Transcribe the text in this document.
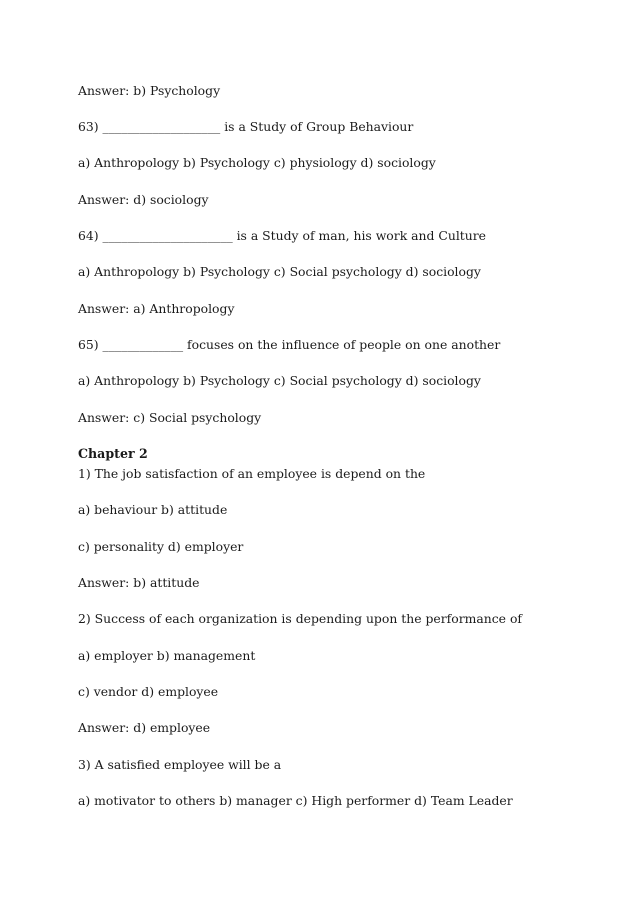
Answer: b) Psychology
63) ___________________ is a Study of Group Behaviour
a) Anthropology b) Psychology c) physiology d) sociology
Answer: d) sociology
64) _____________________ is a Study of man, his work and Culture
a) Anthropology b) Psychology c) Social psychology d) sociology
Answer: a) Anthropology
65) _____________ focuses on the influence of people on one another
a) Anthropology b) Psychology c) Social psychology d) sociology
Answer: c) Social psychology
Chapter 2
1) The job satisfaction of an employee is depend on the
a) behaviour b) attitude
c) personality d) employer
Answer: b) attitude
2) Success of each organization is depending upon the performance of
a) employer b) management
c) vendor d) employee
Answer: d) employee
3) A satisfied employee will be a
a) motivator to others b) manager c) High performer d) Team Leader
